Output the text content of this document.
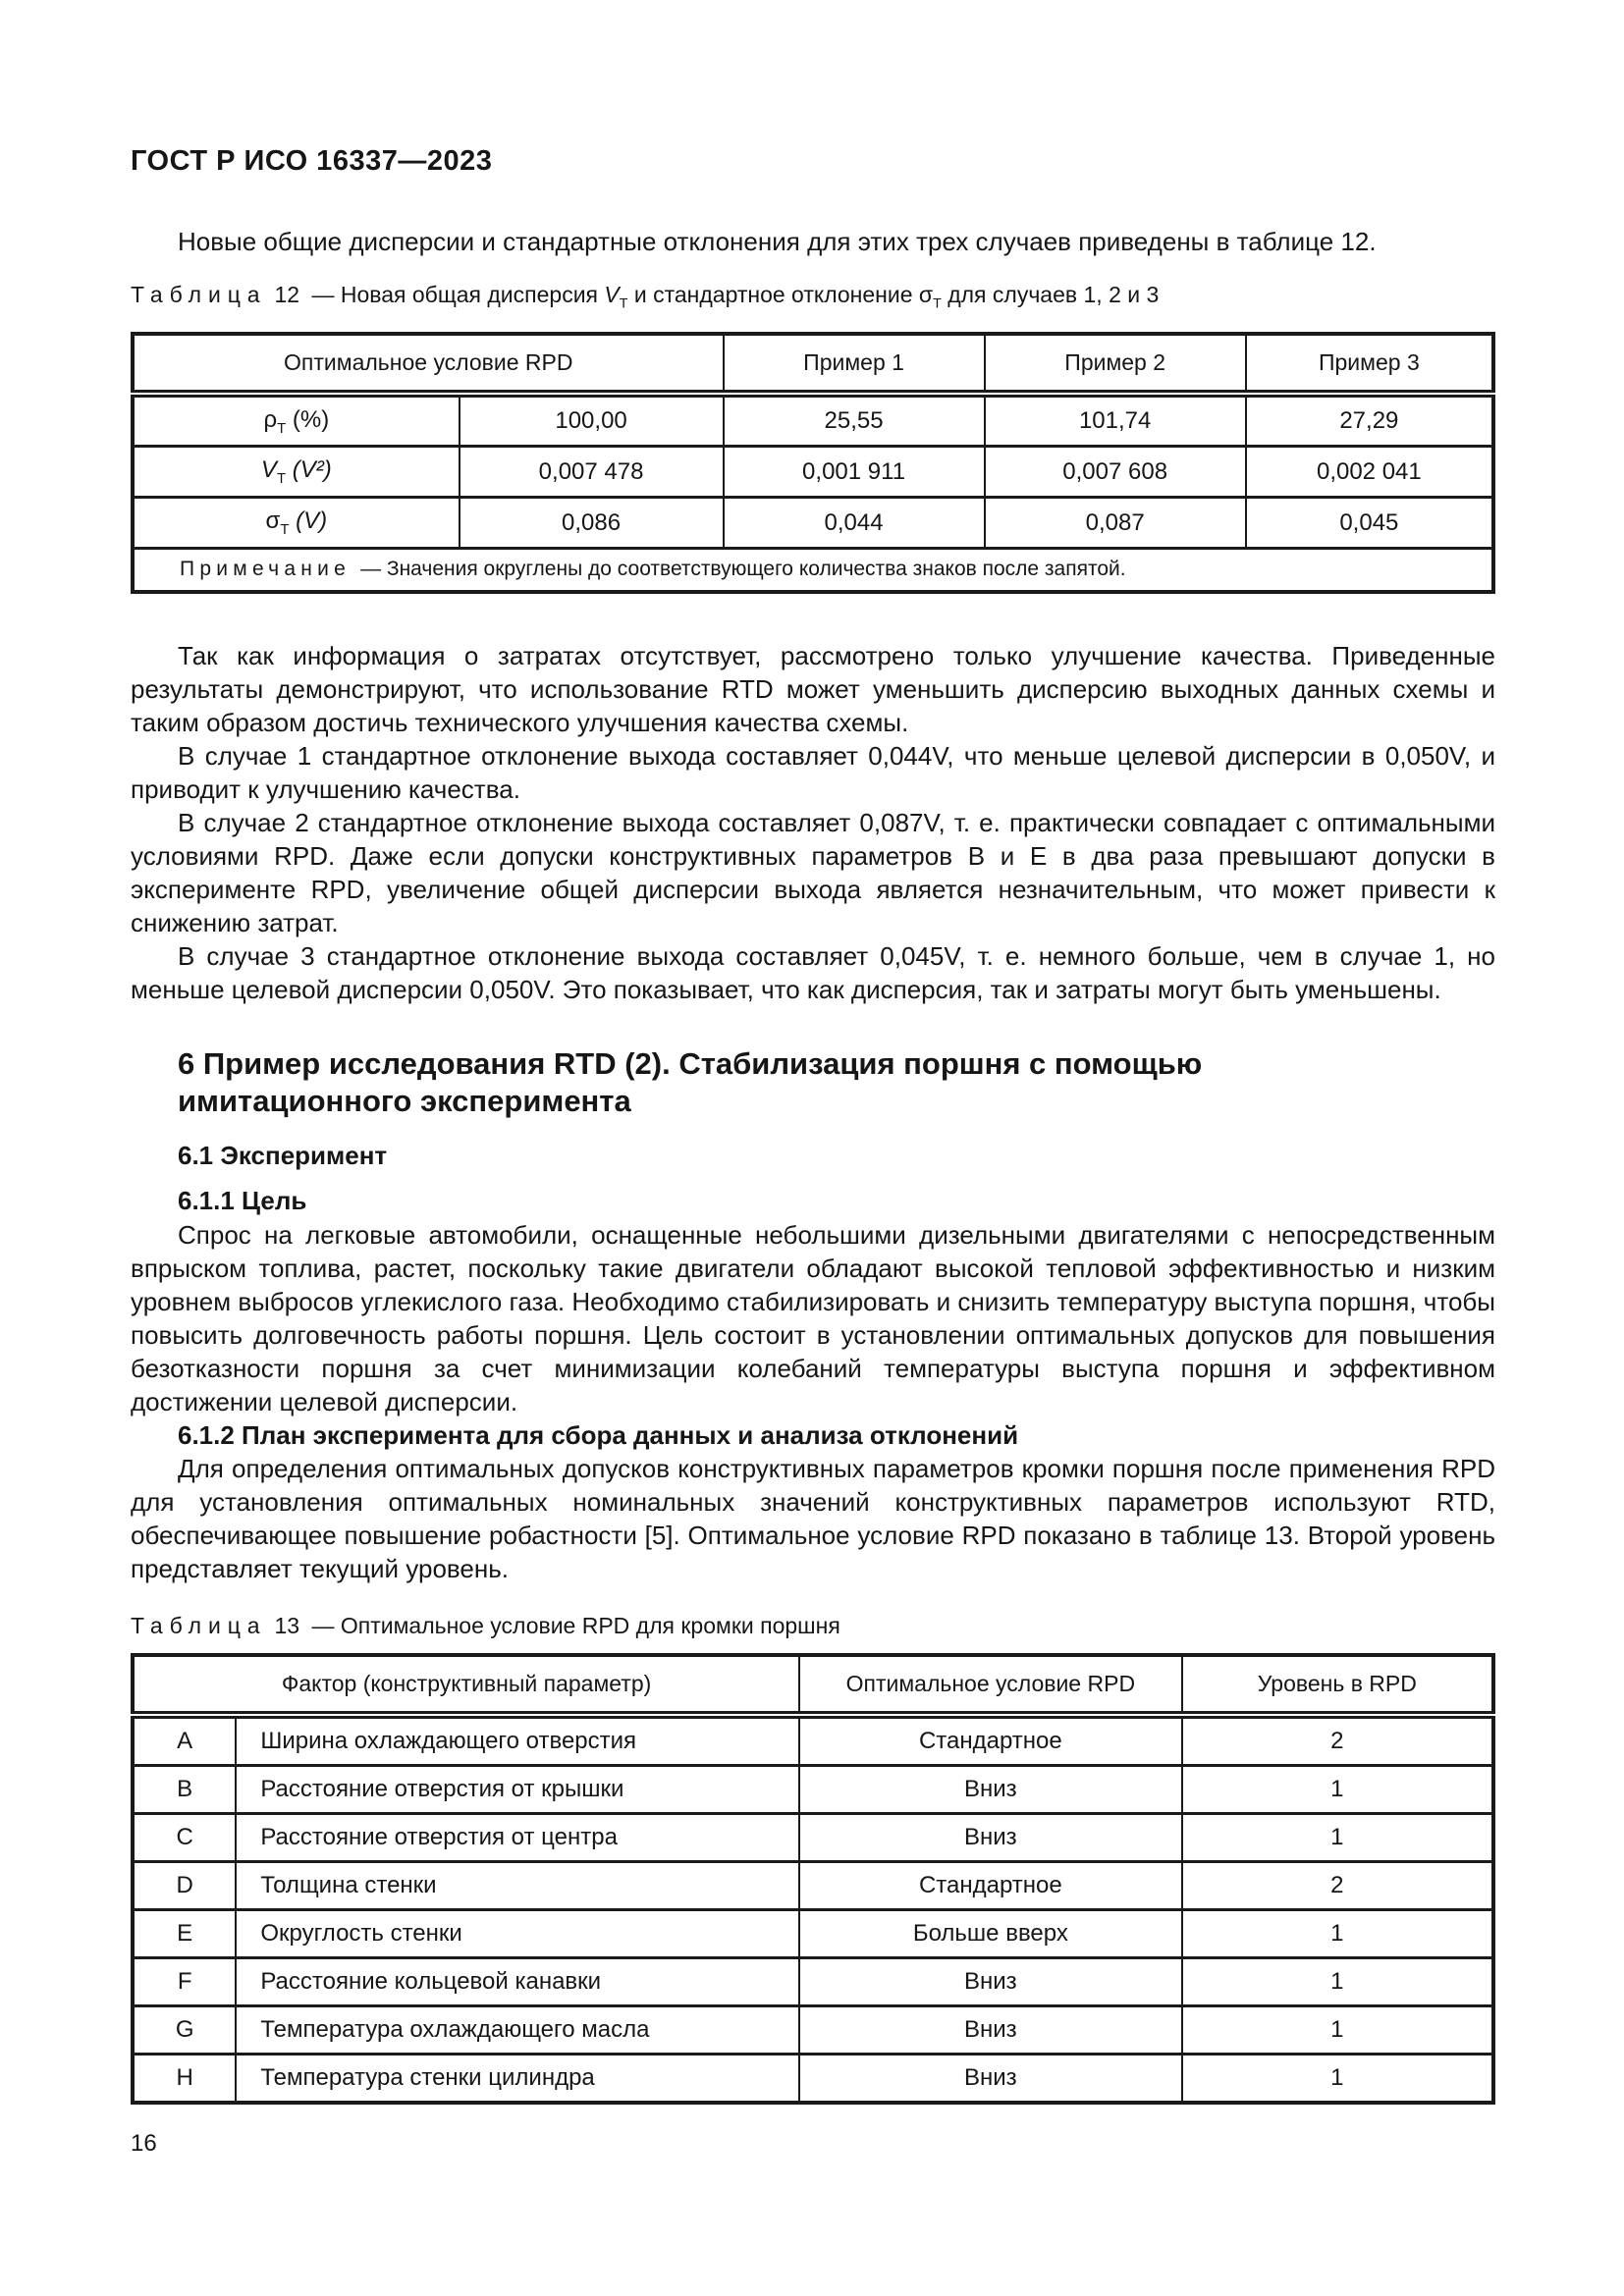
ГОСТ Р ИСО 16337—2023

Новые общие дисперсии и стандартные отклонения для этих трех случаев приведены в таблице 12.

Таблица 12 — Новая общая дисперсия $V_T$ и стандартное отклонение $\sigma_T$ для случаев 1, 2 и 3

Оптимальное условие RPD		Пример 1	Пример 2	Пример 3
$\rho_T$ (%)	100,00	25,55	101,74	27,29
$V_T$ (V²)	0,007 478	0,001 911	0,007 608	0,002 041
$\sigma_T$ (V)	0,086	0,044	0,087	0,045
Примечание — Значения округлены до соответствующего количества знаков после запятой.				

Так как информация о затратах отсутствует, рассмотрено только улучшение качества. Приведенные результаты демонстрируют, что использование RTD может уменьшить дисперсию выходных данных схемы и таким образом достичь технического улучшения качества схемы.

В случае 1 стандартное отклонение выхода составляет 0,044V, что меньше целевой дисперсии в 0,050V, и приводит к улучшению качества.

В случае 2 стандартное отклонение выхода составляет 0,087V, т. е. практически совпадает с оптимальными условиями RPD. Даже если допуски конструктивных параметров B и E в два раза превышают допуски в эксперименте RPD, увеличение общей дисперсии выхода является незначительным, что может привести к снижению затрат.

В случае 3 стандартное отклонение выхода составляет 0,045V, т. е. немного больше, чем в случае 1, но меньше целевой дисперсии 0,050V. Это показывает, что как дисперсия, так и затраты могут быть уменьшены.

6 Пример исследования RTD (2). Стабилизация поршня с помощью имитационного эксперимента
6.1 Эксперимент
6.1.1 Цель

Спрос на легковые автомобили, оснащенные небольшими дизельными двигателями с непосредственным впрыском топлива, растет, поскольку такие двигатели обладают высокой тепловой эффективностью и низким уровнем выбросов углекислого газа. Необходимо стабилизировать и снизить температуру выступа поршня, чтобы повысить долговечность работы поршня. Цель состоит в установлении оптимальных допусков для повышения безотказности поршня за счет минимизации колебаний температуры выступа поршня и эффективном достижении целевой дисперсии.

6.1.2 План эксперимента для сбора данных и анализа отклонений

Для определения оптимальных допусков конструктивных параметров кромки поршня после применения RPD для установления оптимальных номинальных значений конструктивных параметров используют RTD, обеспечивающее повышение робастности [5]. Оптимальное условие RPD показано в таблице 13. Второй уровень представляет текущий уровень.

Таблица 13 — Оптимальное условие RPD для кромки поршня

Фактор (конструктивный параметр)		Оптимальное условие RPD	Уровень в RPD
A	Ширина охлаждающего отверстия	Стандартное	2
B	Расстояние отверстия от крышки	Вниз	1
C	Расстояние отверстия от центра	Вниз	1
D	Толщина стенки	Стандартное	2
E	Округлость стенки	Больше вверх	1
F	Расстояние кольцевой канавки	Вниз	1
G	Температура охлаждающего масла	Вниз	1
H	Температура стенки цилиндра	Вниз	1
16
